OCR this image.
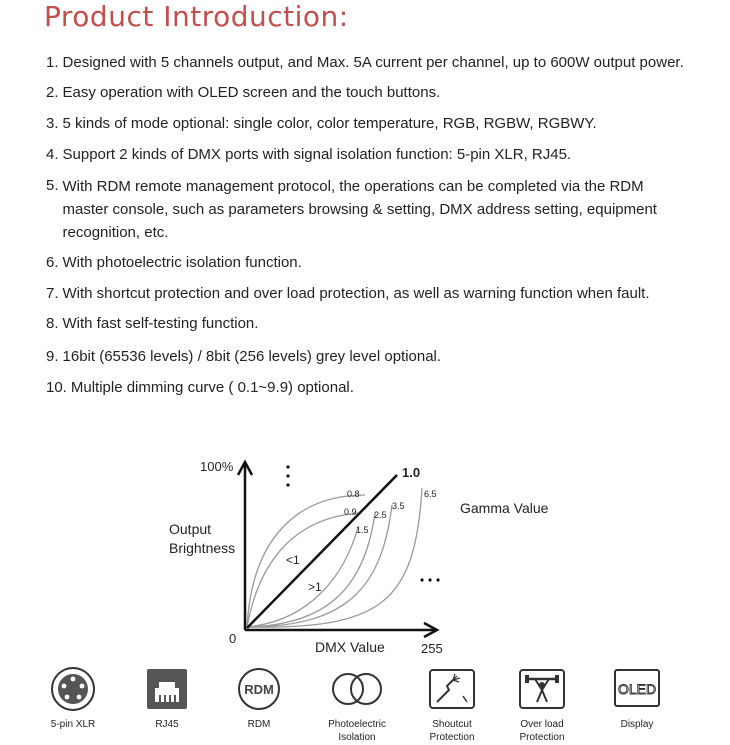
Product Introduction:
1. Designed with 5 channels output, and Max. 5A current per channel, up to 600W output power.
2. Easy operation with OLED screen and the touch buttons.
3. 5 kinds of mode optional: single color, color temperature, RGB, RGBW, RGBWY.
4. Support 2 kinds of DMX ports with signal isolation function: 5-pin XLR, RJ45.
5. With RDM remote management protocol, the operations can be completed via the RDM master console, such as parameters browsing & setting, DMX address setting, equipment recognition, etc.
6. With photoelectric isolation function.
7. With shortcut protection and over load protection, as well as warning function when fault.
8. With fast self-testing function.
9. 16bit (65536 levels) / 8bit (256 levels) grey level optional.
10. Multiple dimming curve ( 0.1~9.9) optional.
100%
Output
Brightness
0
DMX Value	255
Gamma Value
1.0
0.8
0.9
1.5
2.5
3.5
6.5
<1
>1
5-pin XLR	RJ45
RDM
RDM	Photoelectric
Isolation
Shoutcut
Protection
Over load
Protection
OLED
Display
